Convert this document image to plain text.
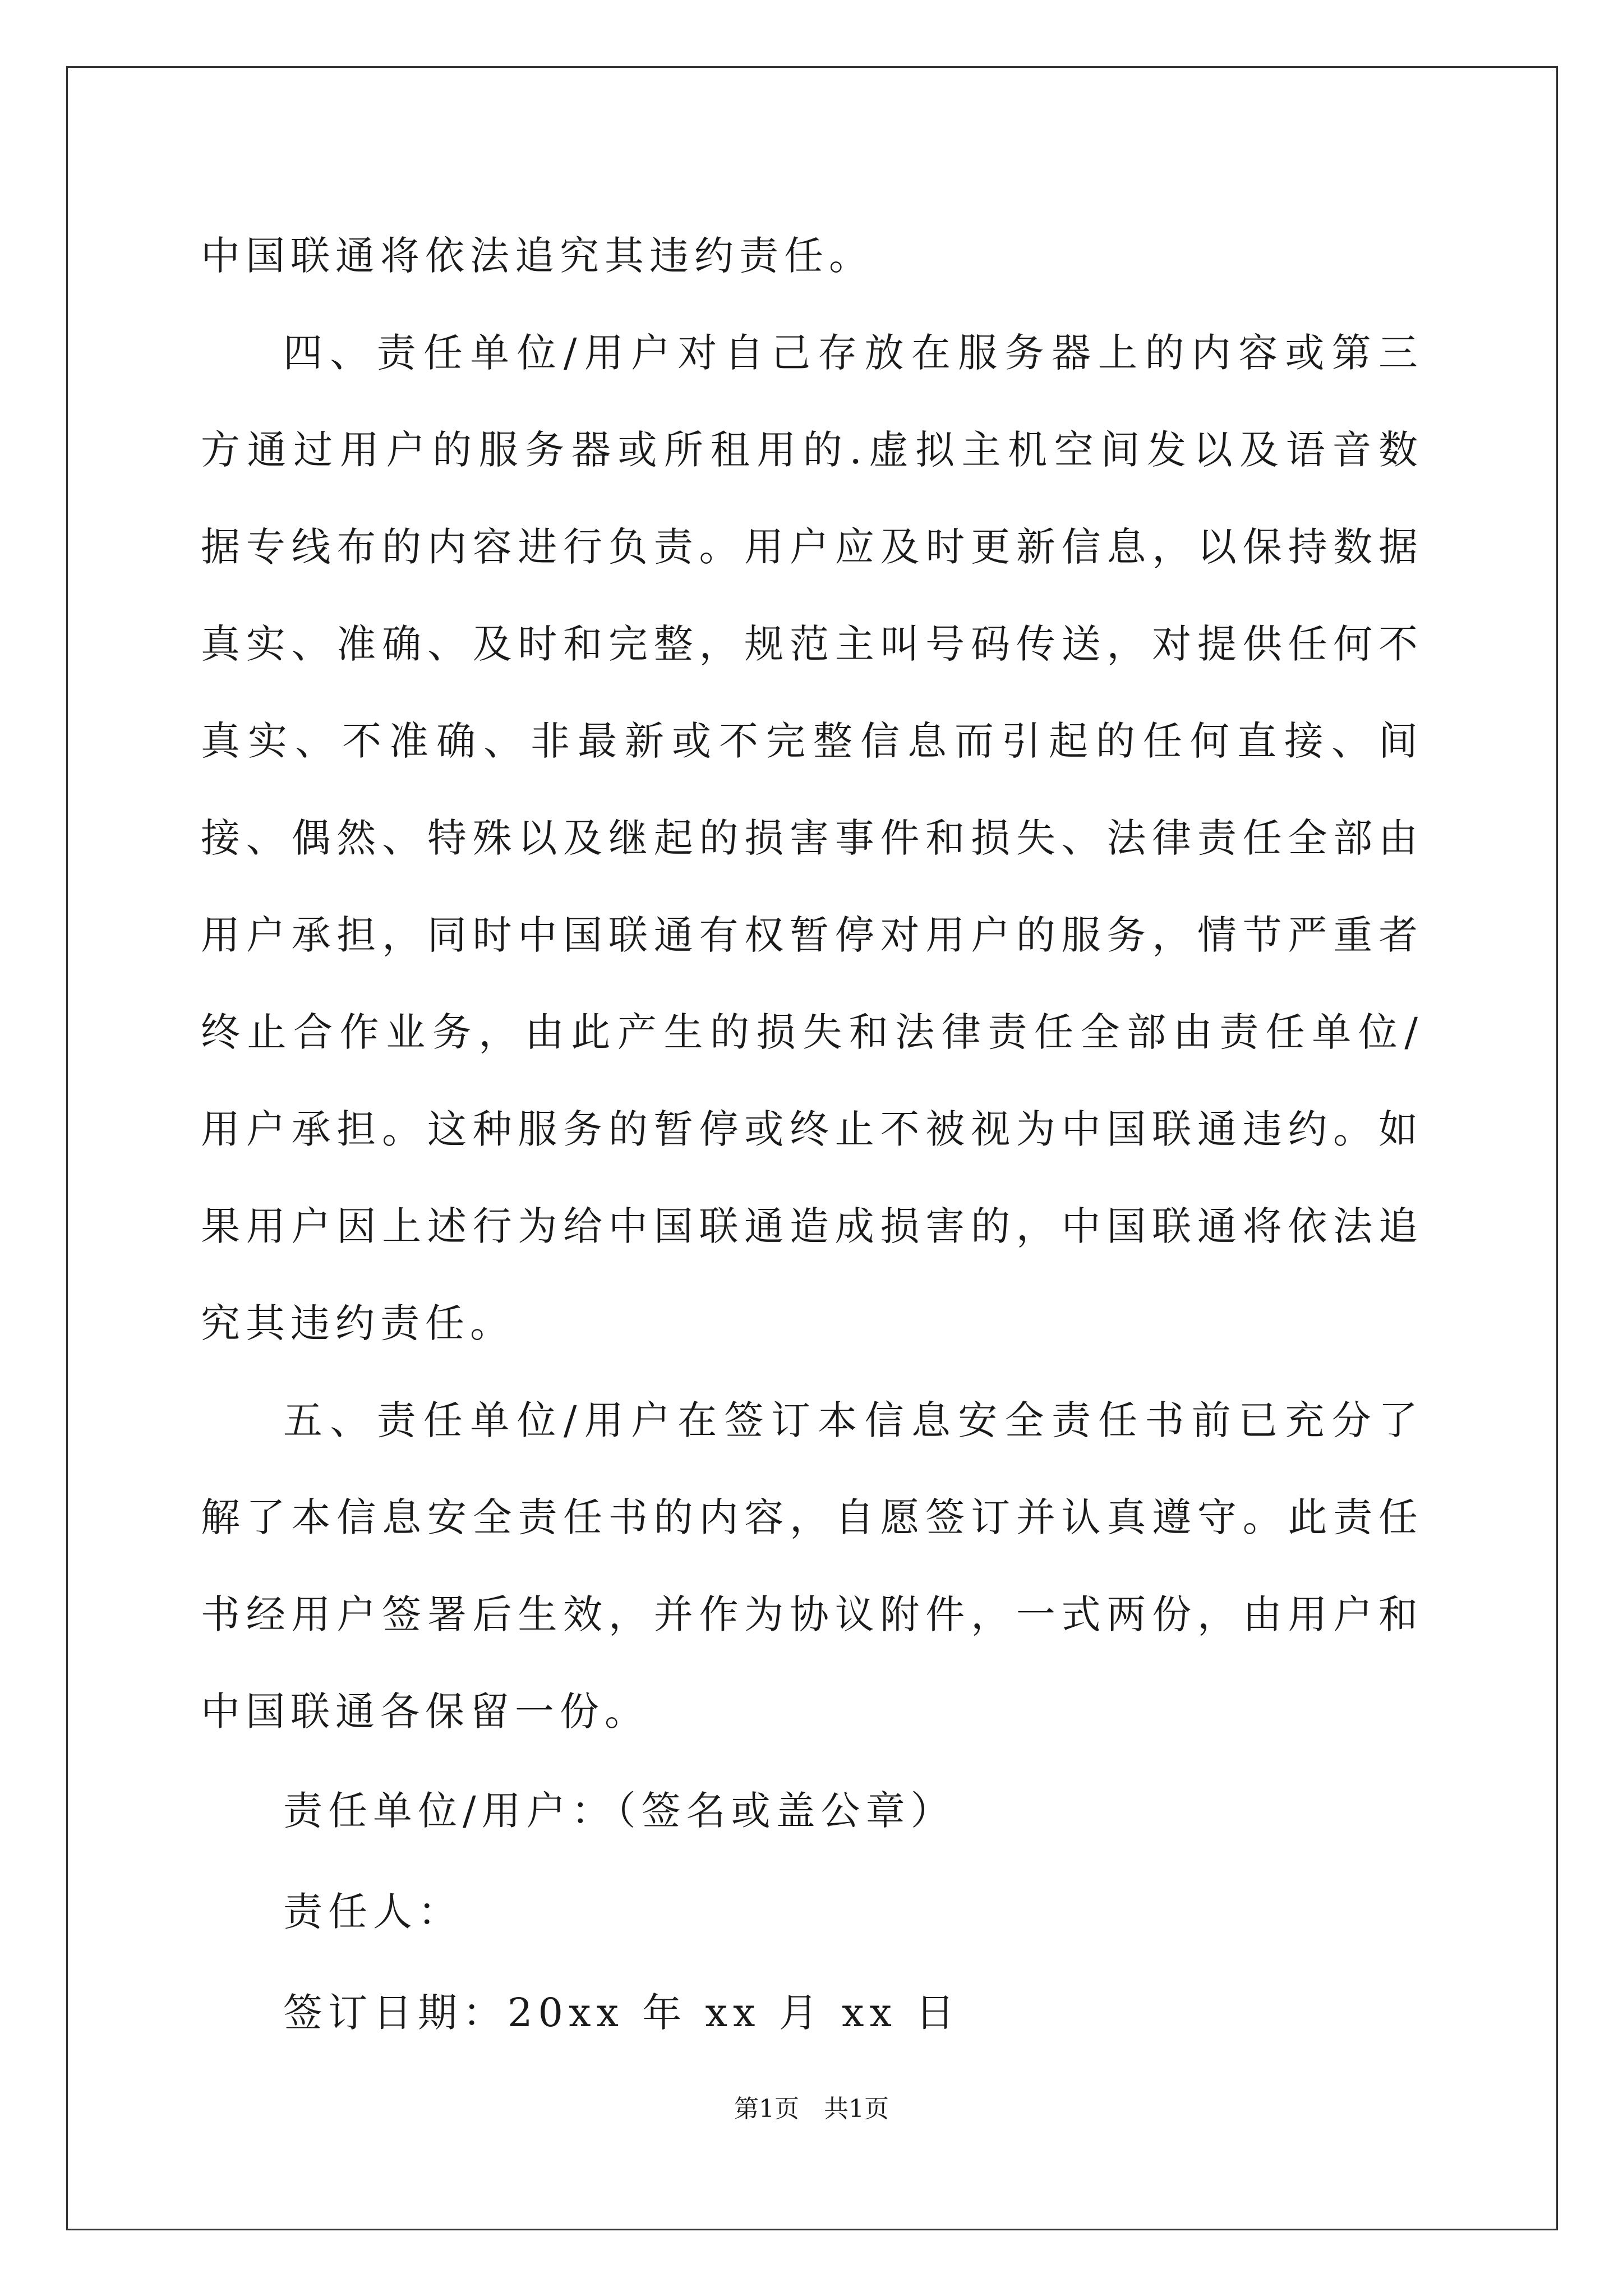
中国联通将依法追究其违约责任。

四、责任单位/用户对自己存放在服务器上的内容或第三方通过用户的服务器或所租用的.虚拟主机空间发以及语音数据专线布的内容进行负责。用户应及时更新信息，以保持数据真实、准确、及时和完整，规范主叫号码传送，对提供任何不真实、不准确、非最新或不完整信息而引起的任何直接、间接、偶然、特殊以及继起的损害事件和损失、法律责任全部由用户承担，同时中国联通有权暂停对用户的服务，情节严重者终止合作业务，由此产生的损失和法律责任全部由责任单位/用户承担。这种服务的暂停或终止不被视为中国联通违约。如果用户因上述行为给中国联通造成损害的，中国联通将依法追究其违约责任。

五、责任单位/用户在签订本信息安全责任书前已充分了解了本信息安全责任书的内容，自愿签订并认真遵守。此责任书经用户签署后生效，并作为协议附件，一式两份，由用户和中国联通各保留一份。

责任单位/用户：（签名或盖公章）

责任人：

签订日期：20xx 年 xx 月 xx 日

第1页　共1页
